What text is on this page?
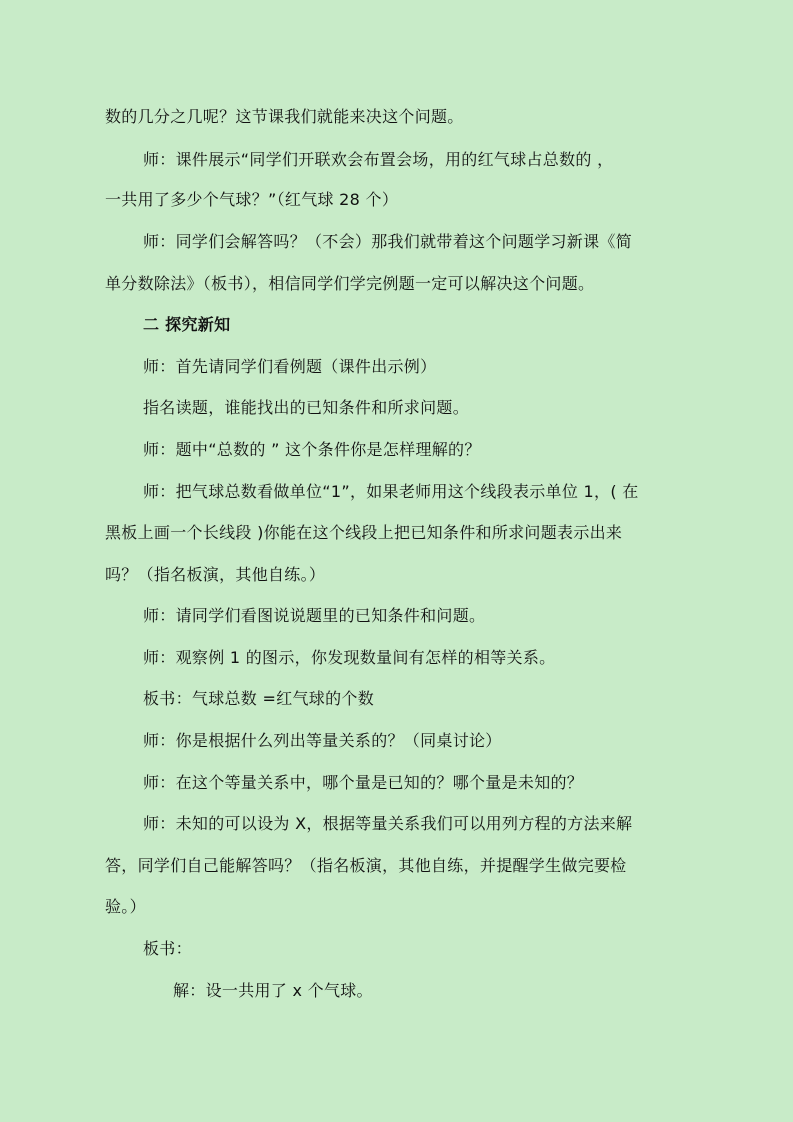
数的几分之几呢？这节课我们就能来决这个问题。
师：课件展示“同学们开联欢会布置会场，用的红气球占总数的 ，
一共用了多少个气球？”（红气球 28 个）
师：同学们会解答吗？（不会）那我们就带着这个问题学习新课《简
单分数除法》（板书），相信同学们学完例题一定可以解决这个问题。
二 探究新知
师：首先请同学们看例题（课件出示例）
指名读题，谁能找出的已知条件和所求问题。
师：题中“总数的 ” 这个条件你是怎样理解的？
师：把气球总数看做单位“1”，如果老师用这个线段表示单位 1，( 在
黑板上画一个长线段 )你能在这个线段上把已知条件和所求问题表示出来
吗？（指名板演，其他自练。）
师：请同学们看图说说题里的已知条件和问题。
师：观察例 1 的图示，你发现数量间有怎样的相等关系。
板书：气球总数 =红气球的个数
师：你是根据什么列出等量关系的？（同桌讨论）
师：在这个等量关系中，哪个量是已知的？哪个量是未知的？
师：未知的可以设为 X，根据等量关系我们可以用列方程的方法来解
答，同学们自己能解答吗？（指名板演，其他自练，并提醒学生做完要检
验。）
板书：
解：设一共用了 x 个气球。
